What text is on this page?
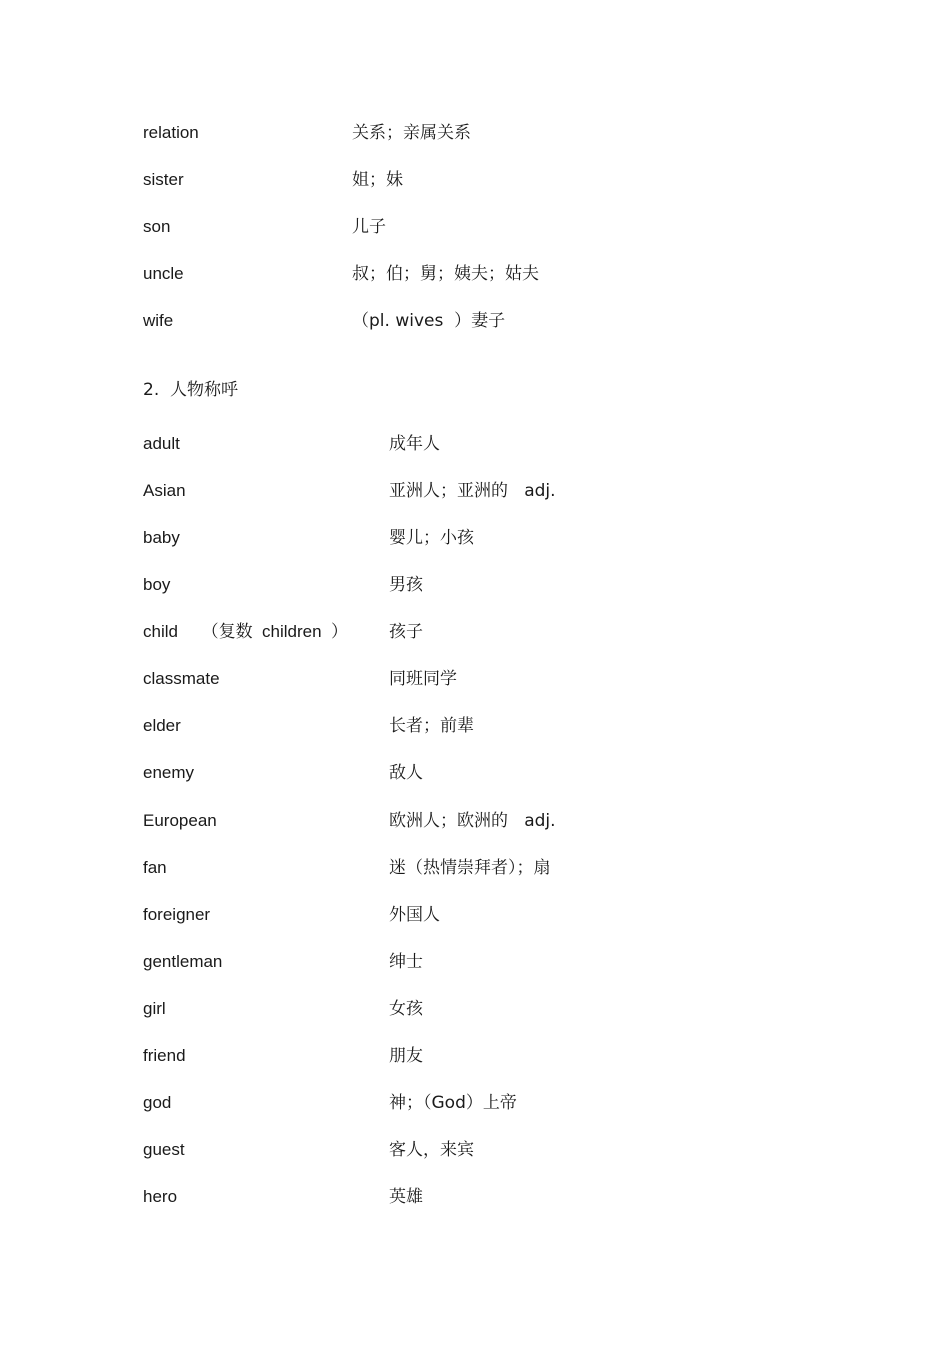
relation	关系；亲属关系
sister	姐；妹
son	儿子
uncle	叔；伯；舅；姨夫；姑夫
wife	（pl. wives  ）妻子
2.  人物称呼
adult	成年人
Asian	亚洲人；亚洲的   adj.
baby	婴儿；小孩
boy	男孩
child     （复数  children  ） 孩子
classmate	同班同学
elder	长者；前辈
enemy	敌人
European	欧洲人；欧洲的   adj.
fan	迷（热情崇拜者）；扇
foreigner	外国人
gentleman	绅士
girl	女孩
friend	朋友
god	神；（God）上帝
guest	客人，来宾
hero	英雄
